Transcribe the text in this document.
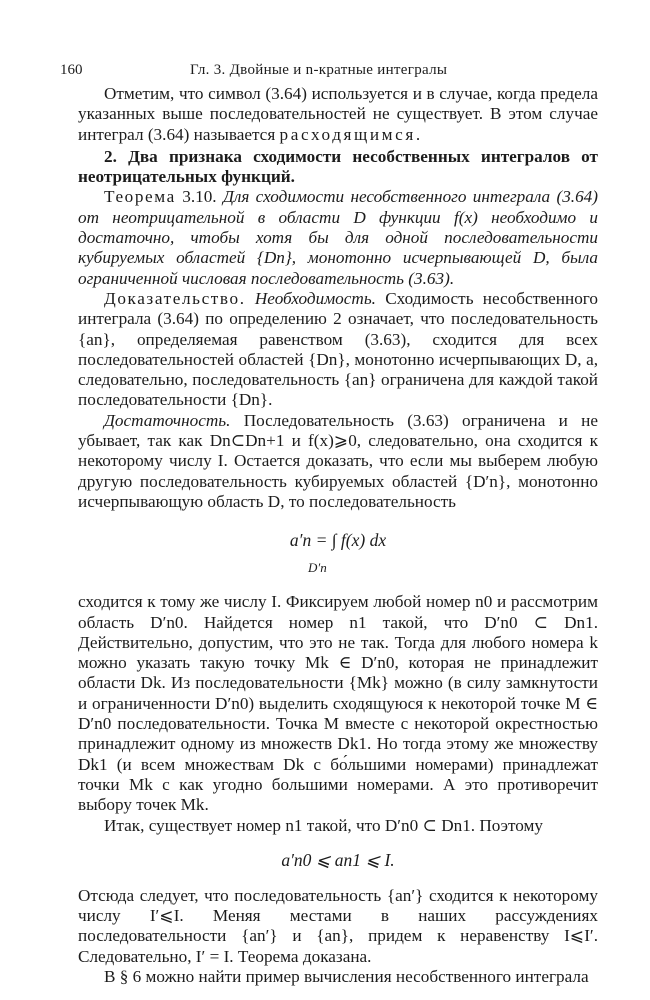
160	Гл. 3. Двойные и n-кратные интегралы

Отметим, что символ (3.64) используется и в случае, когда предела указанных выше последовательностей не существует. В этом случае интеграл (3.64) называется расходящимся.

2. Два признака сходимости несобственных интегралов от неотрицательных функций.

Теорема 3.10. Для сходимости несобственного интеграла (3.64) от неотрицательной в области D функции f(x) необходимо и достаточно, чтобы хотя бы для одной последовательности кубируемых областей {Dn}, монотонно исчерпывающей D, была ограниченной числовая последовательность (3.63).

Доказательство. Необходимость. Сходимость несобственного интеграла (3.64) по определению 2 означает, что последовательность {an}, определяемая равенством (3.63), сходится для всех последовательностей областей {Dn}, монотонно исчерпывающих D, а, следовательно, последовательность {an} ограничена для каждой такой последовательности {Dn}.

Достаточность. Последовательность (3.63) ограничена и не убывает, так как Dn⊂Dn+1 и f(x)⩾0, следовательно, она сходится к некоторому числу I. Остается доказать, что если мы выберем любую другую последовательность кубируемых областей {D′n}, монотонно исчерпывающую область D, то последовательность

a′n = ∫ f(x) dx
D′n

сходится к тому же числу I. Фиксируем любой номер n0 и рассмотрим область D′n0. Найдется номер n1 такой, что D′n0 ⊂ Dn1. Действительно, допустим, что это не так. Тогда для любого номера k можно указать такую точку Mk ∈ D′n0, которая не принадлежит области Dk. Из последовательности {Mk} можно (в силу замкнутости и ограниченности D′n0) выделить сходящуюся к некоторой точке M ∈ D′n0 последовательности. Точка M вместе с некоторой окрестностью принадлежит одному из множеств Dk1. Но тогда этому же множеству Dk1 (и всем множествам Dk с бо́льшими номерами) принадлежат точки Mk с как угодно большими номерами. А это противоречит выбору точек Mk.

Итак, существует номер n1 такой, что D′n0 ⊂ Dn1. Поэтому

a′n0 ⩽ an1 ⩽ I.

Отсюда следует, что последовательность {an′} сходится к некоторому числу I′⩽I. Меняя местами в наших рассуждениях последовательности {an′} и {an}, придем к неравенству I⩽I′. Следовательно, I′ = I. Теорема доказана.

В § 6 можно найти пример вычисления несобственного интеграла
